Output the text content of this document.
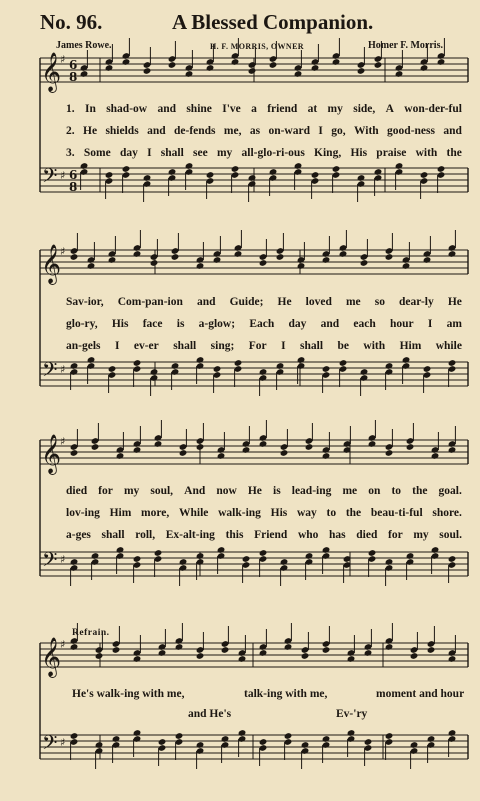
No. 96.	A Blessed Companion.
James Rowe.	H. F. MORRIS, OWNER	Homer F. Morris.
𝄞
♯ 6
8
𝄢 ♯ 6
8
𝄞
♯
𝄢 ♯
𝄞
♯
𝄢 ♯
𝄞
♯
𝄢 ♯
1. In shad-ow and shine I've a friend at my side, A won-der-ful
2. He shields and de-fends me, as on-ward I go, With good-ness and
3. Some day I shall see my all-glo-ri-ous King, His praise with the
Sav-ior, Com-pan-ion and Guide; He loved me so dear-ly He
glo-ry, His face is a-glow; Each day and each hour I am
an-gels I ev-er shall sing; For I shall be with Him while
died for my soul, And now He is lead-ing me on to the goal.
lov-ing Him more, While walk-ing His way to the beau-ti-ful shore.
a-ges shall roll, Ex-alt-ing this Friend who has died for my soul.
Refrain.
He's walk-ing with me,	talk-ing with me,	moment and hour
and He's	Ev-'ry
